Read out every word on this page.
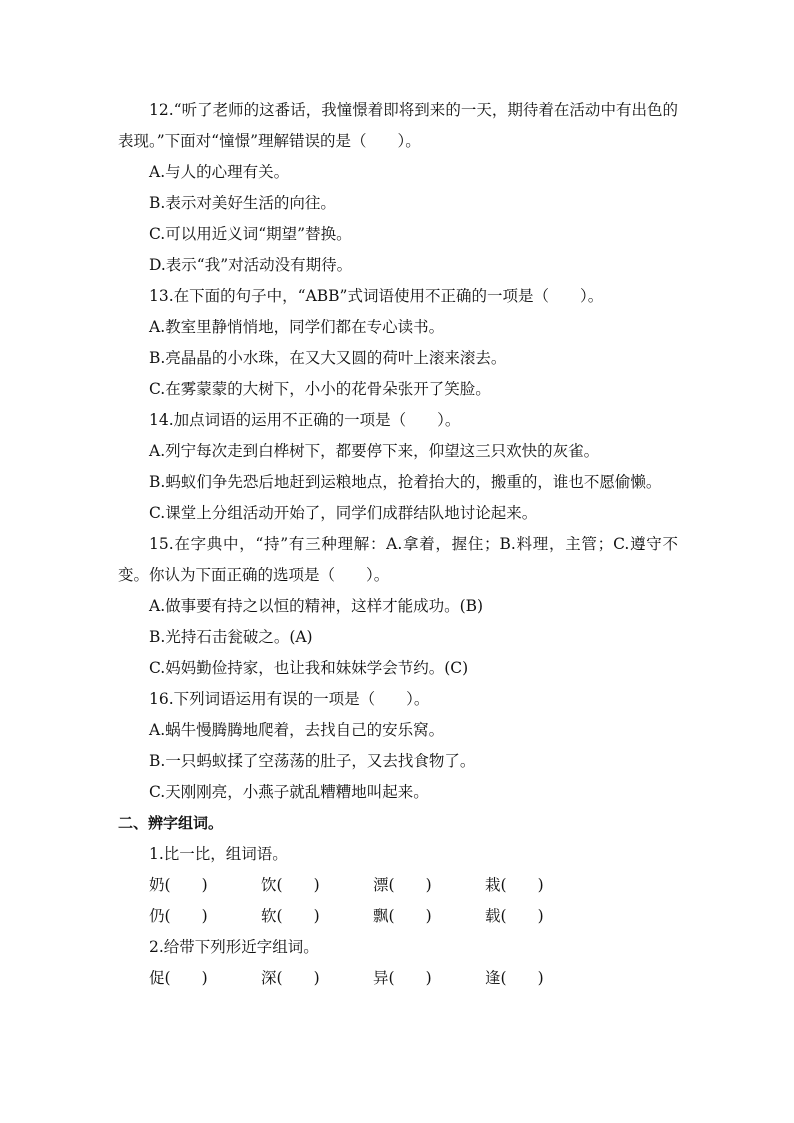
12.“听了老师的这番话，我憧憬着即将到来的一天，期待着在活动中有出色的表现。”下面对“憧憬”理解错误的是（　　）。

A.与人的心理有关。

B.表示对美好生活的向往。

C.可以用近义词“期望”替换。

D.表示“我”对活动没有期待。

13.在下面的句子中，“ABB”式词语使用不正确的一项是（　　）。

A.教室里静悄悄地，同学们都在专心读书。

B.亮晶晶的小水珠，在又大又圆的荷叶上滚来滚去。

C.在雾蒙蒙的大树下，小小的花骨朵张开了笑脸。

14.加点词语的运用不正确的一项是（　　）。

A.列宁每次走到白桦树下，都要停下来，仰望这三只欢快的灰雀。

B.蚂蚁们争先恐后地赶到运粮地点，抢着抬大的，搬重的，谁也不愿偷懒。

C.课堂上分组活动开始了，同学们成群结队地讨论起来。

15.在字典中，“持”有三种理解：A.拿着，握住；B.料理，主管；C.遵守不变。你认为下面正确的选项是（　　）。

A.做事要有持之以恒的精神，这样才能成功。(B)

B.光持石击瓮破之。(A)

C.妈妈勤俭持家，也让我和妹妹学会节约。(C)

16.下列词语运用有误的一项是（　　）。

A.蜗牛慢腾腾地爬着，去找自己的安乐窝。

B.一只蚂蚁揉了空荡荡的肚子，又去找食物了。

C.天刚刚亮，小燕子就乱糟糟地叫起来。

二、辨字组词。

1.比一比，组词语。

奶(　　)	饮(　　)	漂(　　)	栽(　　)
仍(　　)	软(　　)	飘(　　)	载(　　)

2.给带下列形近字组词。

促(　　)	深(　　)	异(　　)	逢(　　)
